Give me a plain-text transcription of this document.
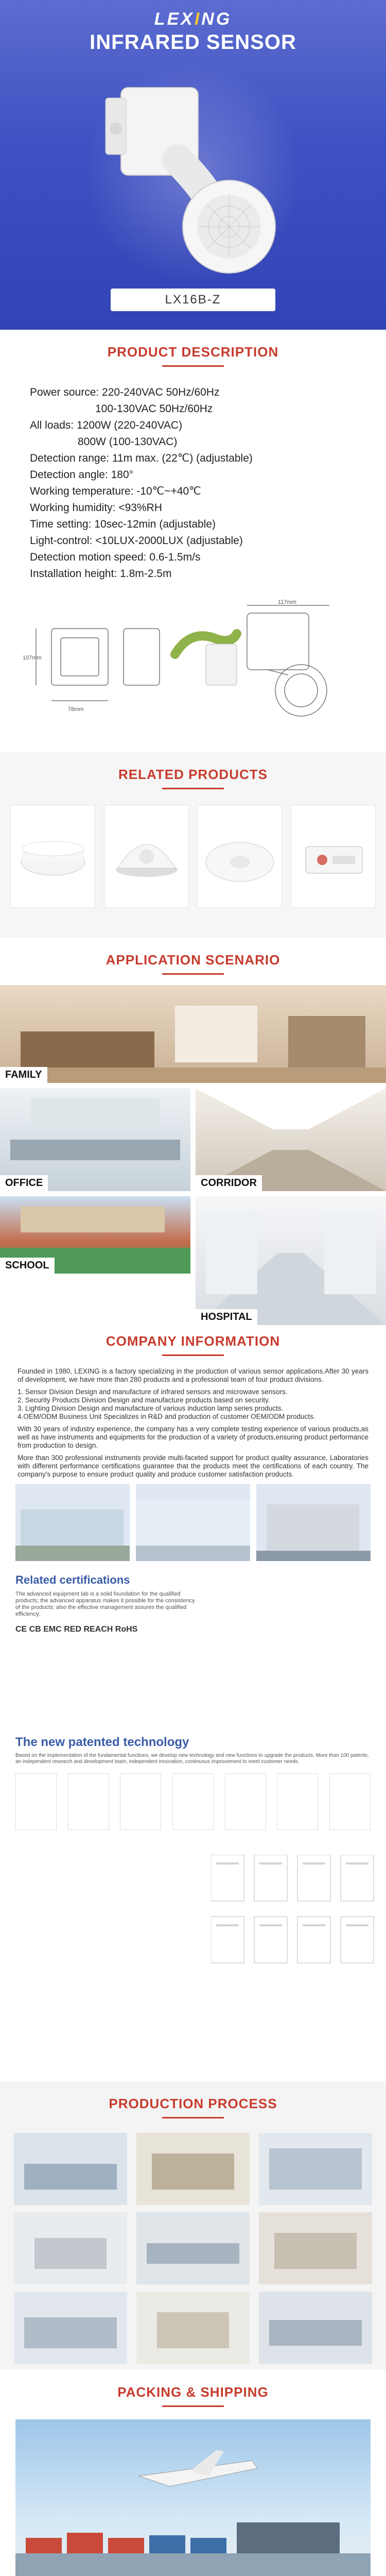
LEXING
INFRARED SENSOR
LX16B-Z
PRODUCT DESCRIPTION
Power source: 220-240VAC 50Hz/60Hz
100-130VAC 50Hz/60Hz
All loads: 1200W (220-240VAC)
800W (100-130VAC)
Detection range: 11m max. (22℃) (adjustable)
Detection angle: 180°
Working temperature: -10℃~+40℃
Working humidity: <93%RH
Time setting: 10sec-12min (adjustable)
Light-control: <10LUX-2000LUX (adjustable)
Detection motion speed: 0.6-1.5m/s
Installation height: 1.8m-2.5m
78mm
107mm
117mm
RELATED PRODUCTS
APPLICATION SCENARIO
FAMILY
OFFICE	CORRIDOR
SCHOOL
HOSPITAL
COMPANY INFORMATION

Founded in 1980, LEXING is a factory specializing in the production of various sensor applications.After 30 years of development, we have more than 280 products and a professional team of four product divisions.

1. Sensor Division Design and manufacture of infrared sensors and microwave sensors.
2. Security Products Division Design and manufacture products based on security.
3. Lighting Division Design and manufacture of various induction lamp series products.
4.OEM/ODM Business Unit Specializes in R&D and production of customer OEM/ODM products.

With 30 years of industry experience, the company has a very complete testing experience of various products,as well as have instruments and equipments for the production of a variety of products,ensuring product performance from production to design.

More than 300 professional instruments provide multi-faceted support for product quality assurance, Laboratories with different performance certifications guarantee that the products meet the certifications of each country. The company's purpose to ensure product quality and produce customer satisfaction products.

Related certifications
The advanced equipment lab is a solid foundation for the qualified products; the advanced apparatus makes it possible for the consistency of the products; also the effective management assures the qualified efficiency;
CE CB EMC RED REACH RoHS
The new patented technology
Based on the implementation of the fundamental functions, we develop new technology and new functions to upgrade the products. More than 100 patents, an independent research and development team, independent innovation, continuous improvement to meet customer needs.
PRODUCTION PROCESS
PACKING & SHIPPING
